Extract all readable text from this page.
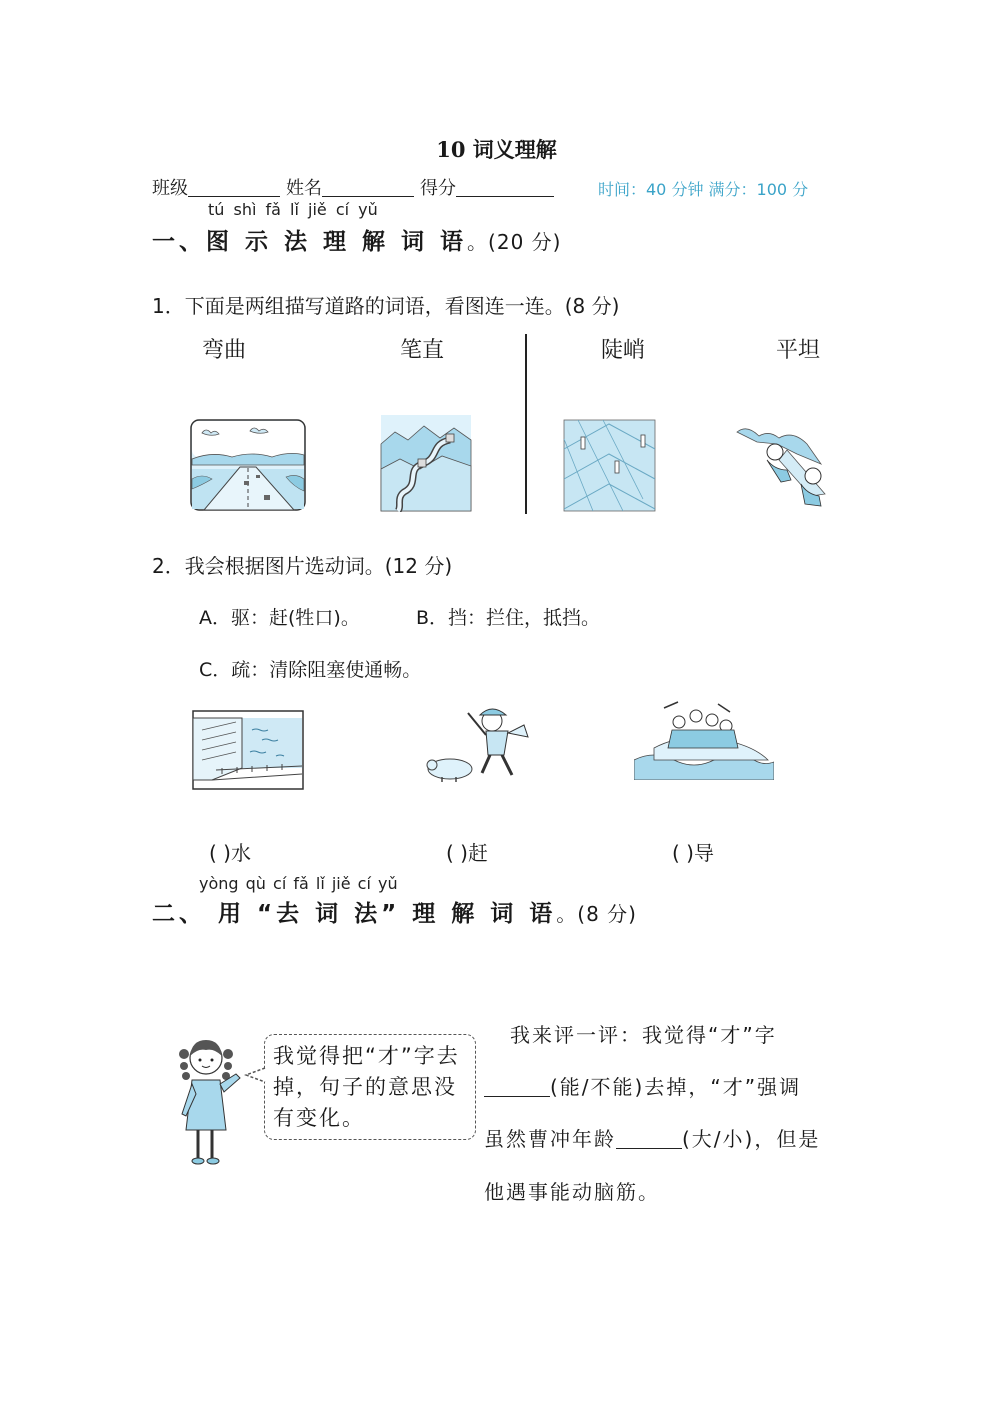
10 词义理解
班级	姓名	得分	时间：40 分钟 满分：100 分
tú shì fǎ lǐ jiě cí yǔ
一、图 示 法 理 解 词 语。(20 分)
1．下面是两组描写道路的词语，看图连一连。(8 分)
弯曲	笔直	陡峭	平坦
2．我会根据图片选动词。(12 分)
A．驱：赶(牲口)。	B．挡：拦住，抵挡。
C．疏：清除阻塞使通畅。
( )水	( )赶	( )导
yòng qù cí fǎ lǐ jiě cí yǔ
二、 用 “去 词 法” 理 解 词 语。(8 分)
我觉得把“才”字去掉，句子的意思没有变化。
我来评一评：我觉得“才”字
(能/不能)去掉，“才”强调
虽然曹冲年龄	(大/小)，但是
他遇事能动脑筋。
